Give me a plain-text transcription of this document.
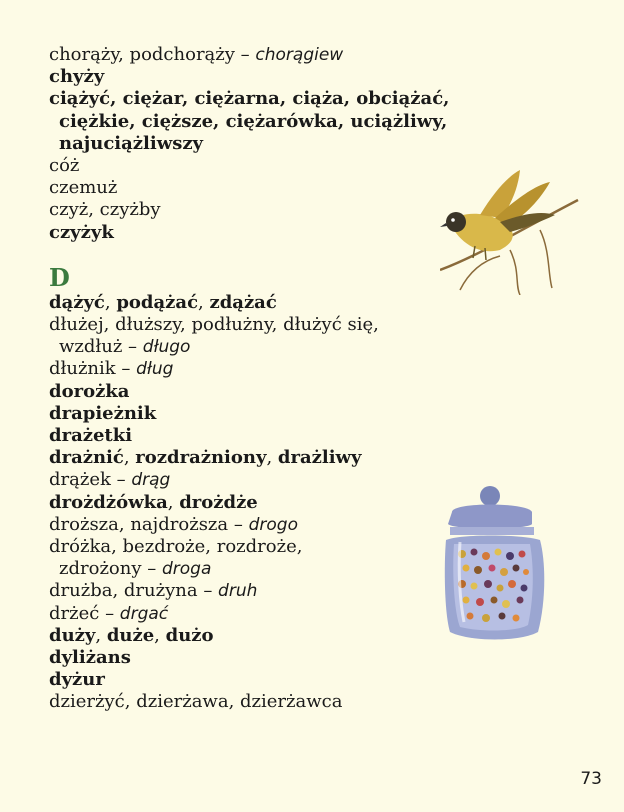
chorąży, podchorąży – chorągiew
chyży
ciążyć, ciężar, ciężarna, ciąża, obciążać,
ciężkie, cięższe, ciężarówka, uciążliwy,
najuciążliwszy
cóż
czemuż
czyż, czyżby
czyżyk
D
dążyć, podążać, zdążać
dłużej, dłuższy, podłużny, dłużyć się,
wzdłuż – długo
dłużnik – dług
dorożka
drapieżnik
drażetki
drażnić, rozdrażniony, drażliwy
drążek – drąg
drożdżówka, drożdże
droższa, najdroższa – drogo
dróżka, bezdroże, rozdroże,
zdrożony – droga
drużba, drużyna – druh
drżeć – drgać
duży, duże, dużo
dyliżans
dyżur
dzierżyć, dzierżawa, dzierżawca
73
